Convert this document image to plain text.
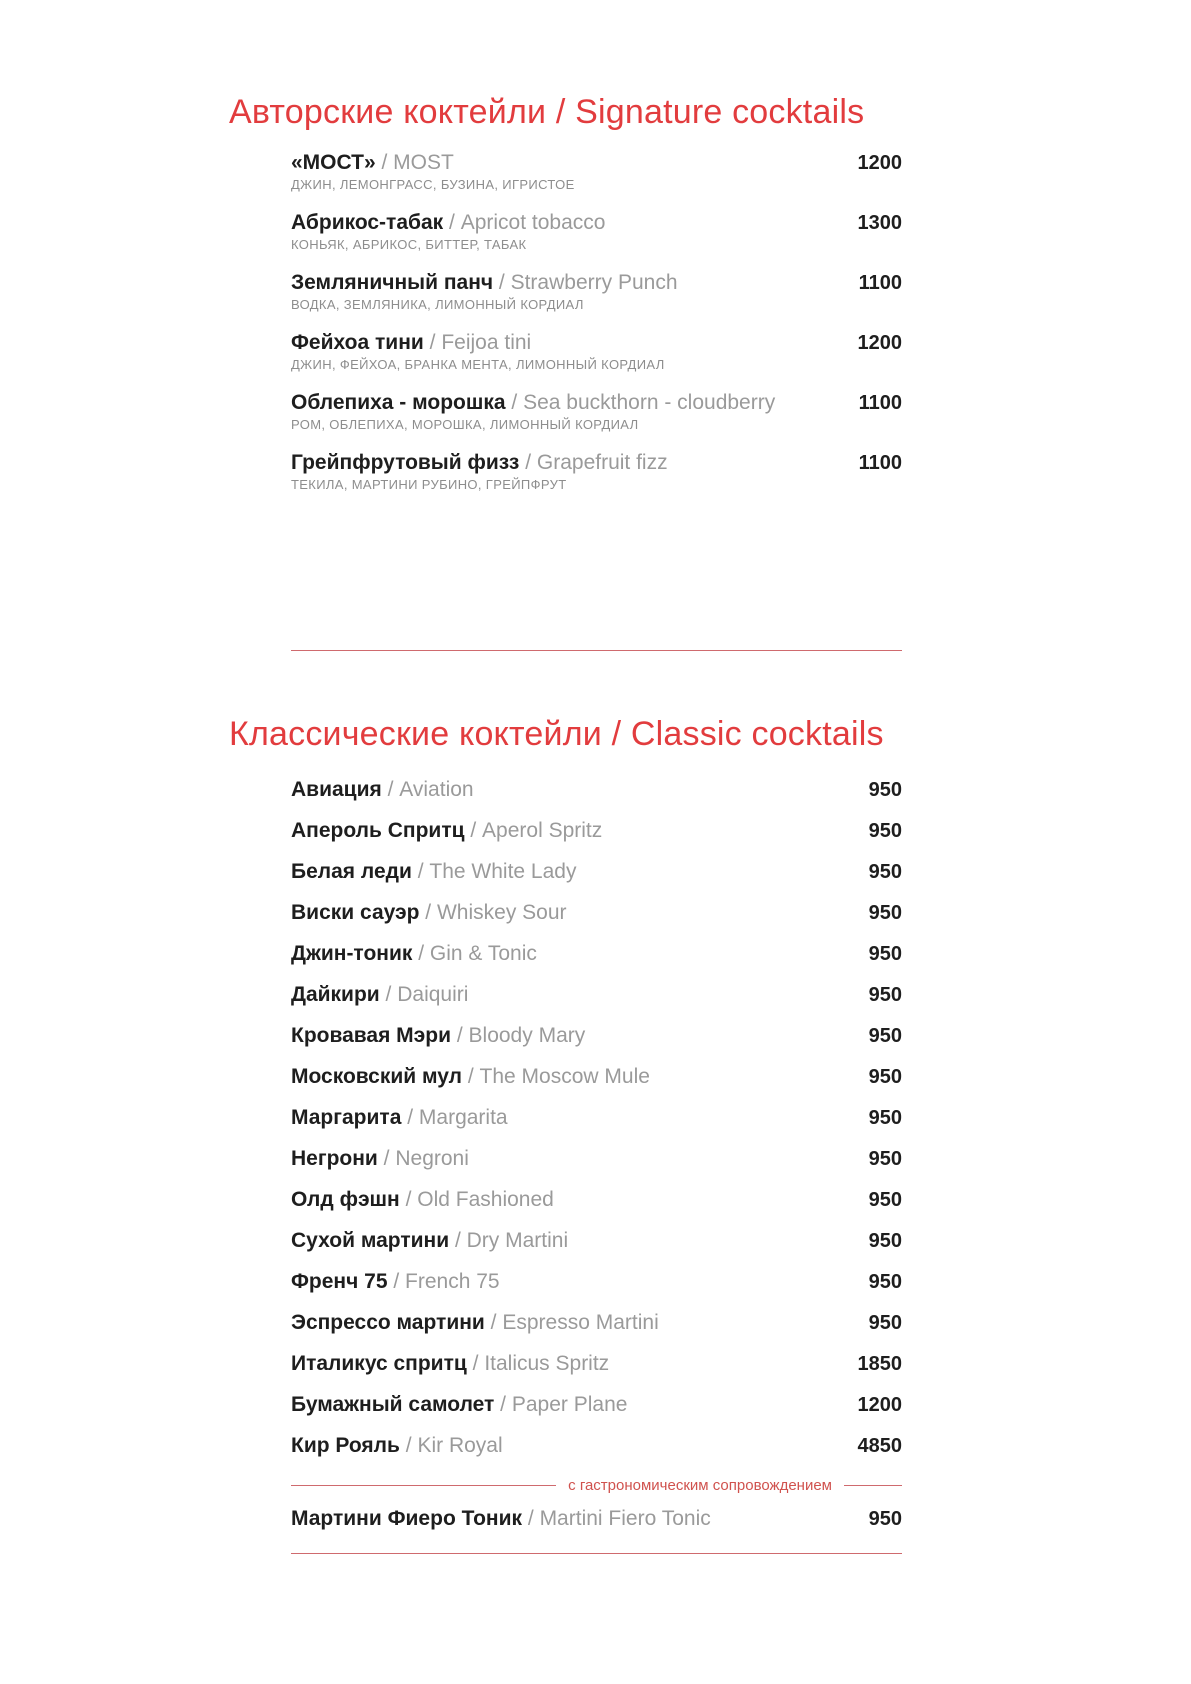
Авторские коктейли / Signature cocktails
«МОСТ» / MOST	1200
ДЖИН, ЛЕМОНГРАСС, БУЗИНА, ИГРИСТОЕ
Абрикос-табак / Apricot tobacco	1300
КОНЬЯК, АБРИКОС, БИТТЕР, ТАБАК
Земляничный панч / Strawberry Punch	1100
ВОДКА, ЗЕМЛЯНИКА, ЛИМОННЫЙ КОРДИАЛ
Фейхоа тини / Feijoa tini	1200
ДЖИН, ФЕЙХОА, БРАНКА МЕНТА, ЛИМОННЫЙ КОРДИАЛ
Облепиха - морошка / Sea buckthorn - cloudberry	1100
РОМ, ОБЛЕПИХА, МОРОШКА, ЛИМОННЫЙ КОРДИАЛ
Грейпфрутовый физз / Grapefruit fizz	1100
ТЕКИЛА, МАРТИНИ РУБИНО, ГРЕЙПФРУТ
Классические коктейли / Classic cocktails
Авиация / Aviation	950
Апероль Спритц / Aperol Spritz	950
Белая леди / The White Lady	950
Виски сауэр / Whiskey Sour	950
Джин-тоник / Gin & Tonic	950
Дайкири / Daiquiri	950
Кровавая Мэри / Bloody Mary	950
Московский мул / The Moscow Mule	950
Маргарита / Margarita	950
Негрони / Negroni	950
Олд фэшн / Old Fashioned	950
Сухой мартини / Dry Martini	950
Френч 75 / French 75	950
Эспрессо мартини / Espresso Martini	950
Италикус спритц / Italicus Spritz	1850
Бумажный самолет / Paper Plane	1200
Кир Рояль / Kir Royal	4850
с гастрономическим сопровождением
Мартини Фиеро Тоник / Martini Fiero Tonic	950
